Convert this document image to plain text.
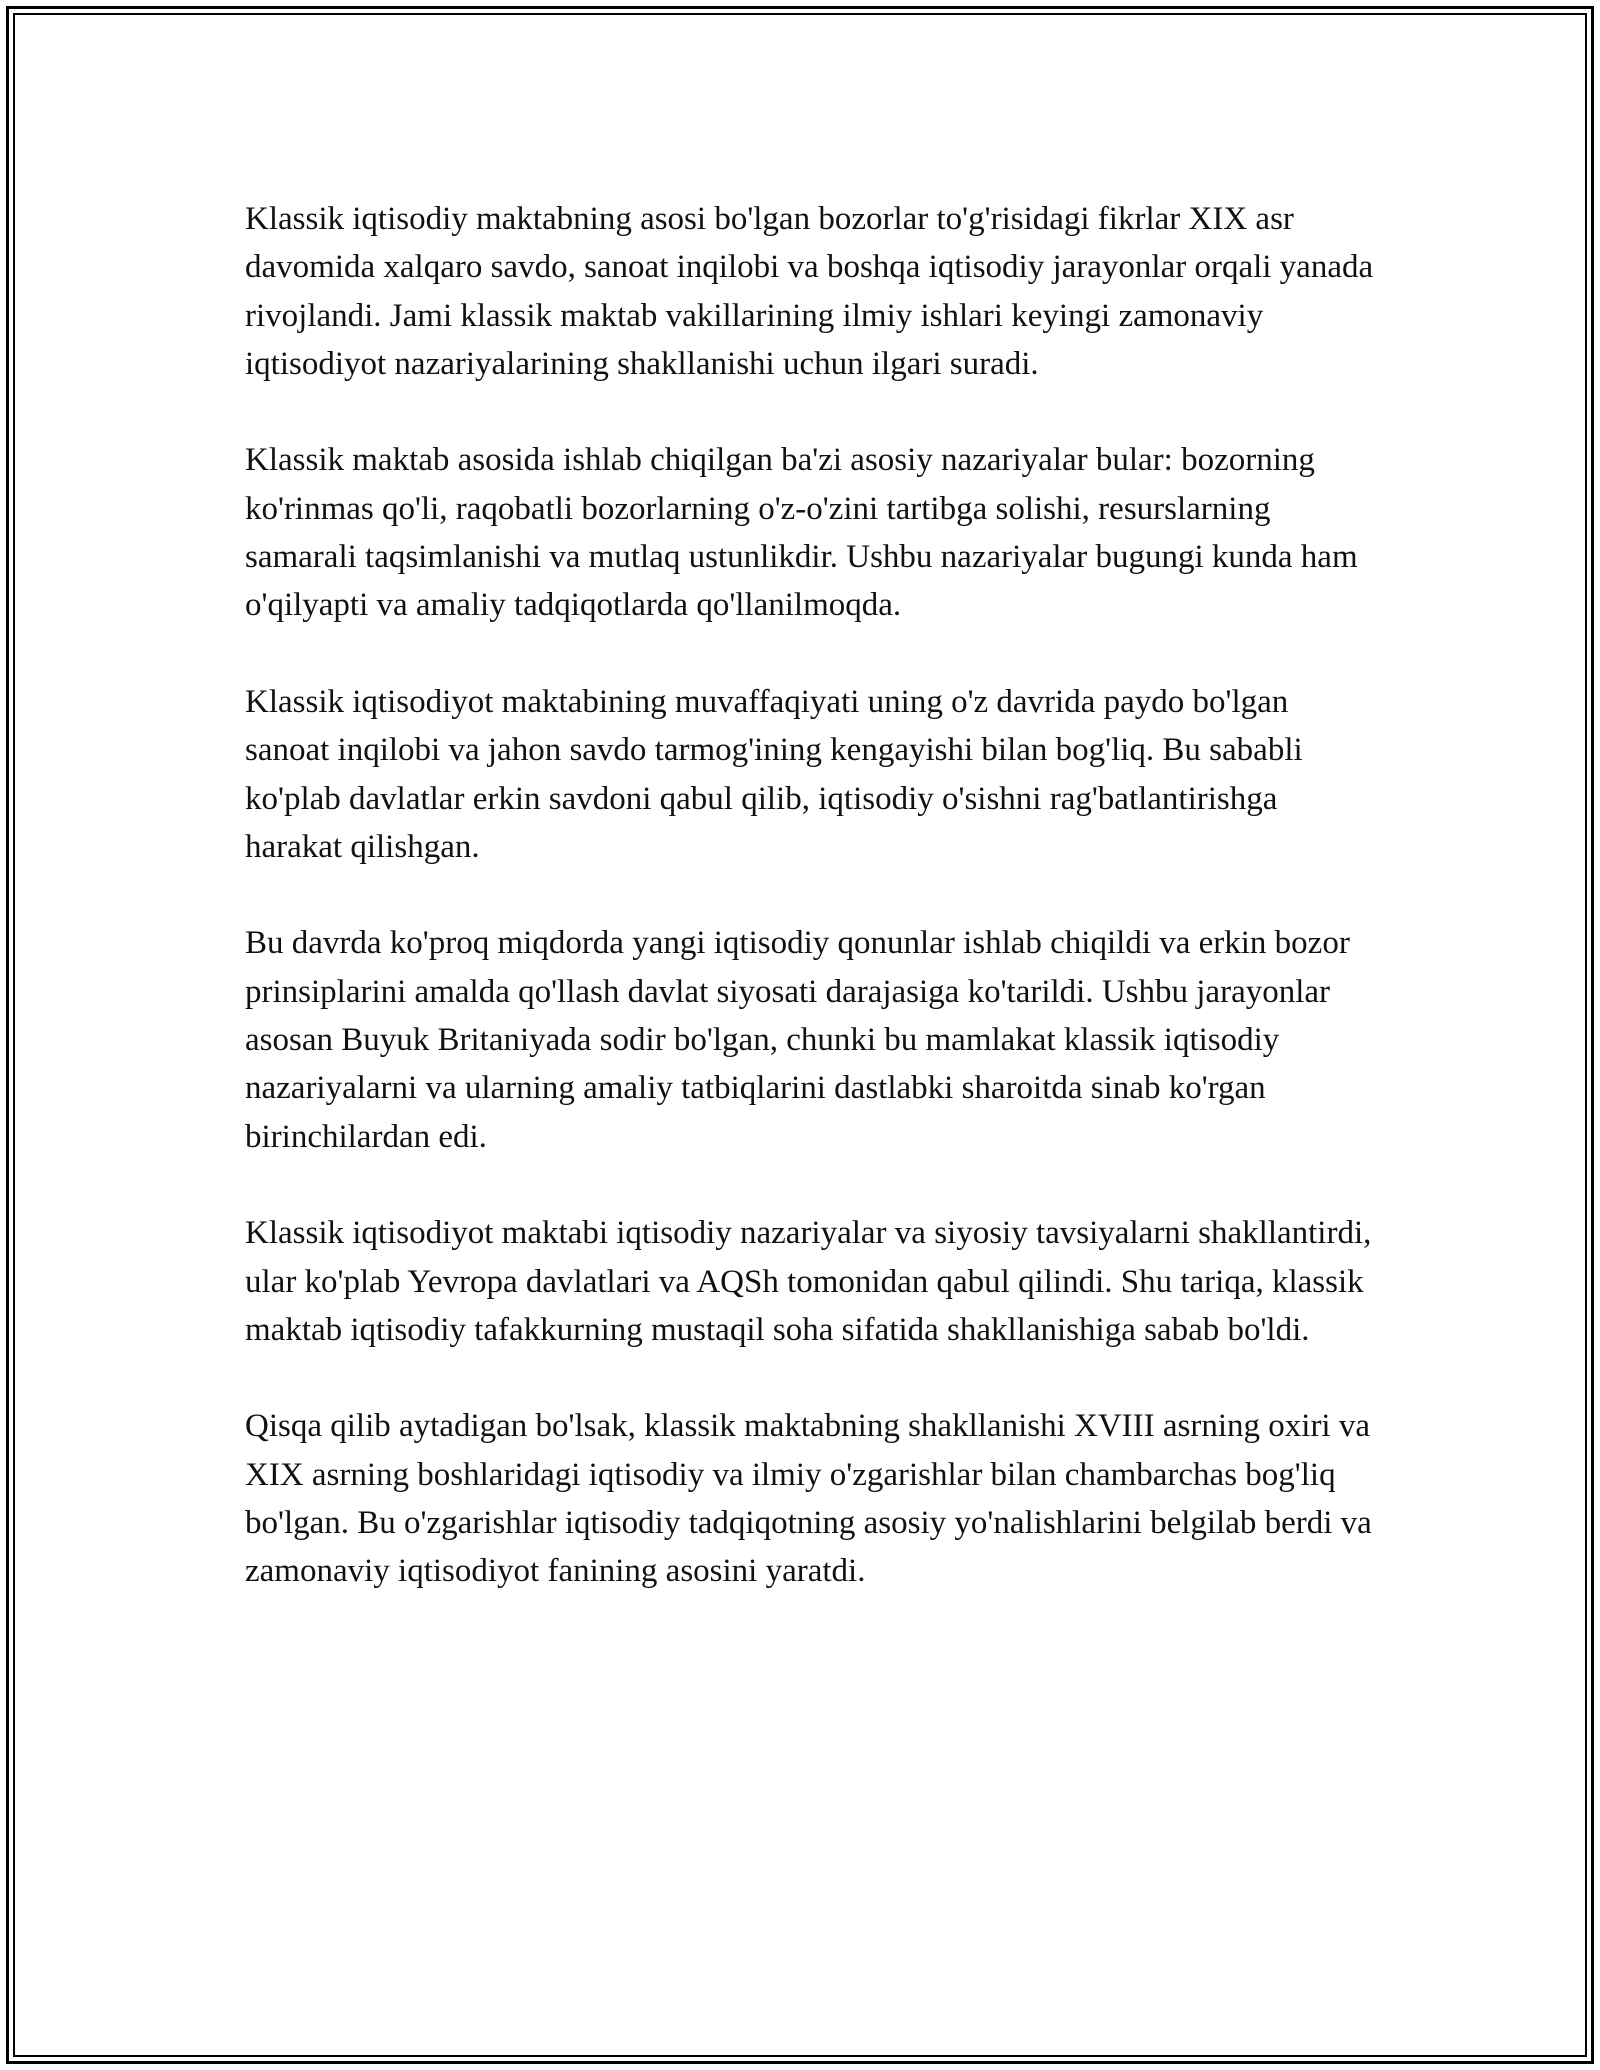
Klassik iqtisodiy maktabning asosi bo'lgan bozorlar to'g'risidagi fikrlar XIX asr davomida xalqaro savdo, sanoat inqilobi va boshqa iqtisodiy jarayonlar orqali yanada rivojlandi. Jami klassik maktab vakillarining ilmiy ishlari keyingi zamonaviy iqtisodiyot nazariyalarining shakllanishi uchun ilgari suradi.

Klassik maktab asosida ishlab chiqilgan ba'zi asosiy nazariyalar bular: bozorning ko'rinmas qo'li, raqobatli bozorlarning o'z-o'zini tartibga solishi, resurslarning samarali taqsimlanishi va mutlaq ustunlikdir. Ushbu nazariyalar bugungi kunda ham o'qilyapti va amaliy tadqiqotlarda qo'llanilmoqda.

Klassik iqtisodiyot maktabining muvaffaqiyati uning o'z davrida paydo bo'lgan sanoat inqilobi va jahon savdo tarmog'ining kengayishi bilan bog'liq. Bu sababli ko'plab davlatlar erkin savdoni qabul qilib, iqtisodiy o'sishni rag'batlantirishga harakat qilishgan.

Bu davrda ko'proq miqdorda yangi iqtisodiy qonunlar ishlab chiqildi va erkin bozor prinsiplarini amalda qo'llash davlat siyosati darajasiga ko'tarildi. Ushbu jarayonlar asosan Buyuk Britaniyada sodir bo'lgan, chunki bu mamlakat klassik iqtisodiy nazariyalarni va ularning amaliy tatbiqlarini dastlabki sharoitda sinab ko'rgan birinchilardan edi.

Klassik iqtisodiyot maktabi iqtisodiy nazariyalar va siyosiy tavsiyalarni shakllantirdi, ular ko'plab Yevropa davlatlari va AQSh tomonidan qabul qilindi. Shu tariqa, klassik maktab iqtisodiy tafakkurning mustaqil soha sifatida shakllanishiga sabab bo'ldi.

Qisqa qilib aytadigan bo'lsak, klassik maktabning shakllanishi XVIII asrning oxiri va XIX asrning boshlaridagi iqtisodiy va ilmiy o'zgarishlar bilan chambarchas bog'liq bo'lgan. Bu o'zgarishlar iqtisodiy tadqiqotning asosiy yo'nalishlarini belgilab berdi va zamonaviy iqtisodiyot fanining asosini yaratdi.
